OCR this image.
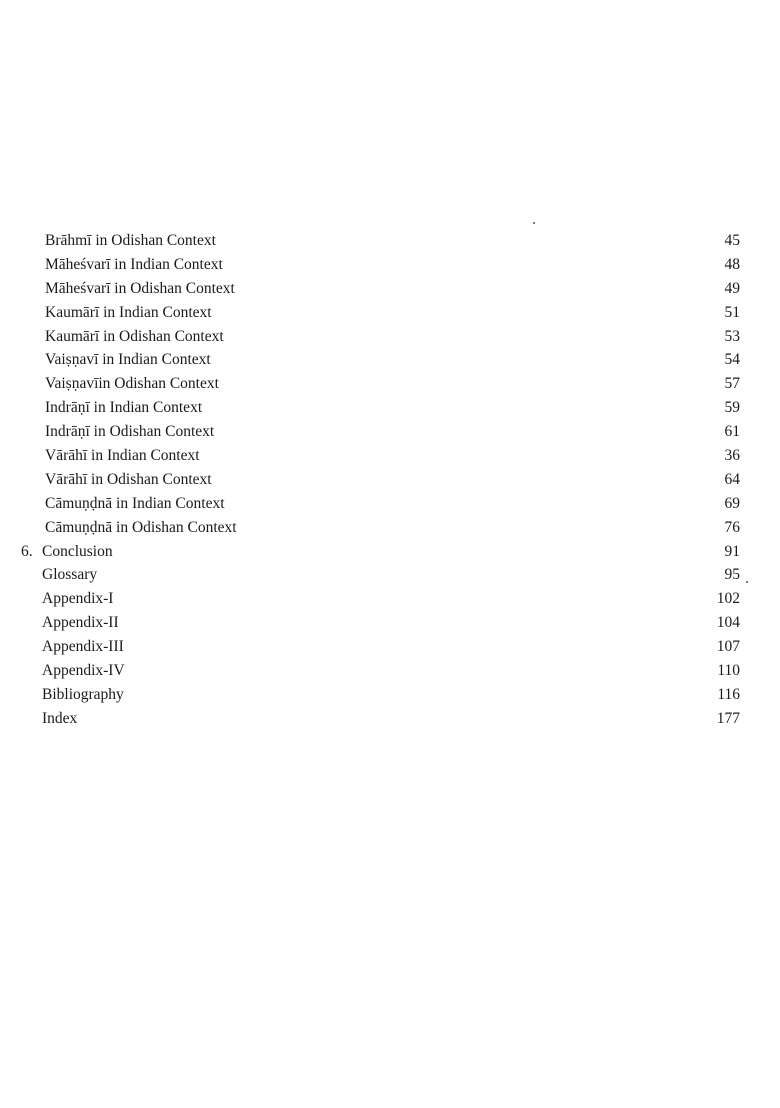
Brāhmī in Odishan Context	45
Māheśvarī in Indian Context	48
Māheśvarī in Odishan Context	49
Kaumārī in Indian Context	51
Kaumārī in Odishan Context	53
Vaiṣṇavī in Indian Context	54
Vaiṣṇavīin Odishan Context	57
Indrāṇī in Indian Context	59
Indrāṇī in Odishan Context	61
Vārāhī in Indian Context	36
Vārāhī in Odishan Context	64
Cāmuṇḍnā in Indian Context	69
Cāmuṇḍnā in Odishan Context	76
6. Conclusion	91
Glossary	95
Appendix-I	102
Appendix-II	104
Appendix-III	107
Appendix-IV	110
Bibliography	116
Index	177
